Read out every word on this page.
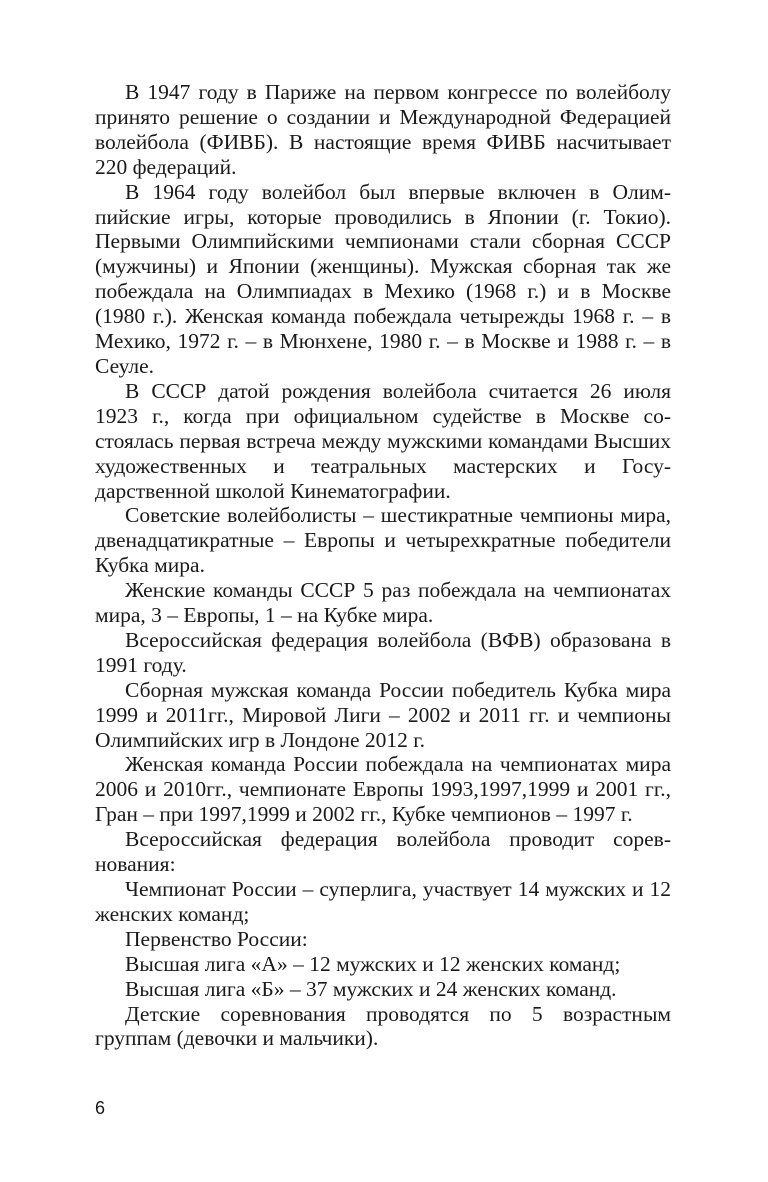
В 1947 году в Париже на первом конгрессе по волейболу принято решение о создании и Международной Федерацией волейбола (ФИВБ). В настоящие время ФИВБ насчитывает 220 федераций.

В 1964 году волейбол был впервые включен в Олимпийские игры, которые проводились в Японии (г. Токио). Первыми Олимпийскими чемпионами стали сборная СССР (мужчины) и Японии (женщины). Мужская сборная так же побеждала на Олимпиадах в Мехико (1968 г.) и в Москве (1980 г.). Женская команда побеждала четырежды 1968 г. – в Мехико, 1972 г. – в Мюнхене, 1980 г. – в Москве и 1988 г. – в Сеуле.

В СССР датой рождения волейбола считается 26 июля 1923 г., когда при официальном судействе в Москве состоялась первая встреча между мужскими командами Высших художественных и театральных мастерских и Государственной школой Кинематографии.

Советские волейболисты – шестикратные чемпионы мира, двенадцатикратные – Европы и четырехкратные победители Кубка мира.

Женские команды СССР 5 раз побеждала на чемпионатах мира, 3 – Европы, 1 – на Кубке мира.

Всероссийская федерация волейбола (ВФВ) образована в 1991 году.

Сборная мужская команда России победитель Кубка мира 1999 и 2011гг., Мировой Лиги – 2002 и 2011 гг. и чемпионы Олимпийских игр в Лондоне 2012 г.

Женская команда России побеждала на чемпионатах мира 2006 и 2010гг., чемпионате Европы 1993,1997,1999 и 2001 гг., Гран – при 1997,1999 и 2002 гг., Кубке чемпионов – 1997 г.

Всероссийская федерация волейбола проводит соревнования:

Чемпионат России – суперлига, участвует 14 мужских и 12 женских команд;

Первенство России:

Высшая лига «А» – 12 мужских и 12 женских команд;

Высшая лига «Б» – 37 мужских и 24 женских команд.

Детские соревнования проводятся по 5 возрастным группам (девочки и мальчики).

6
